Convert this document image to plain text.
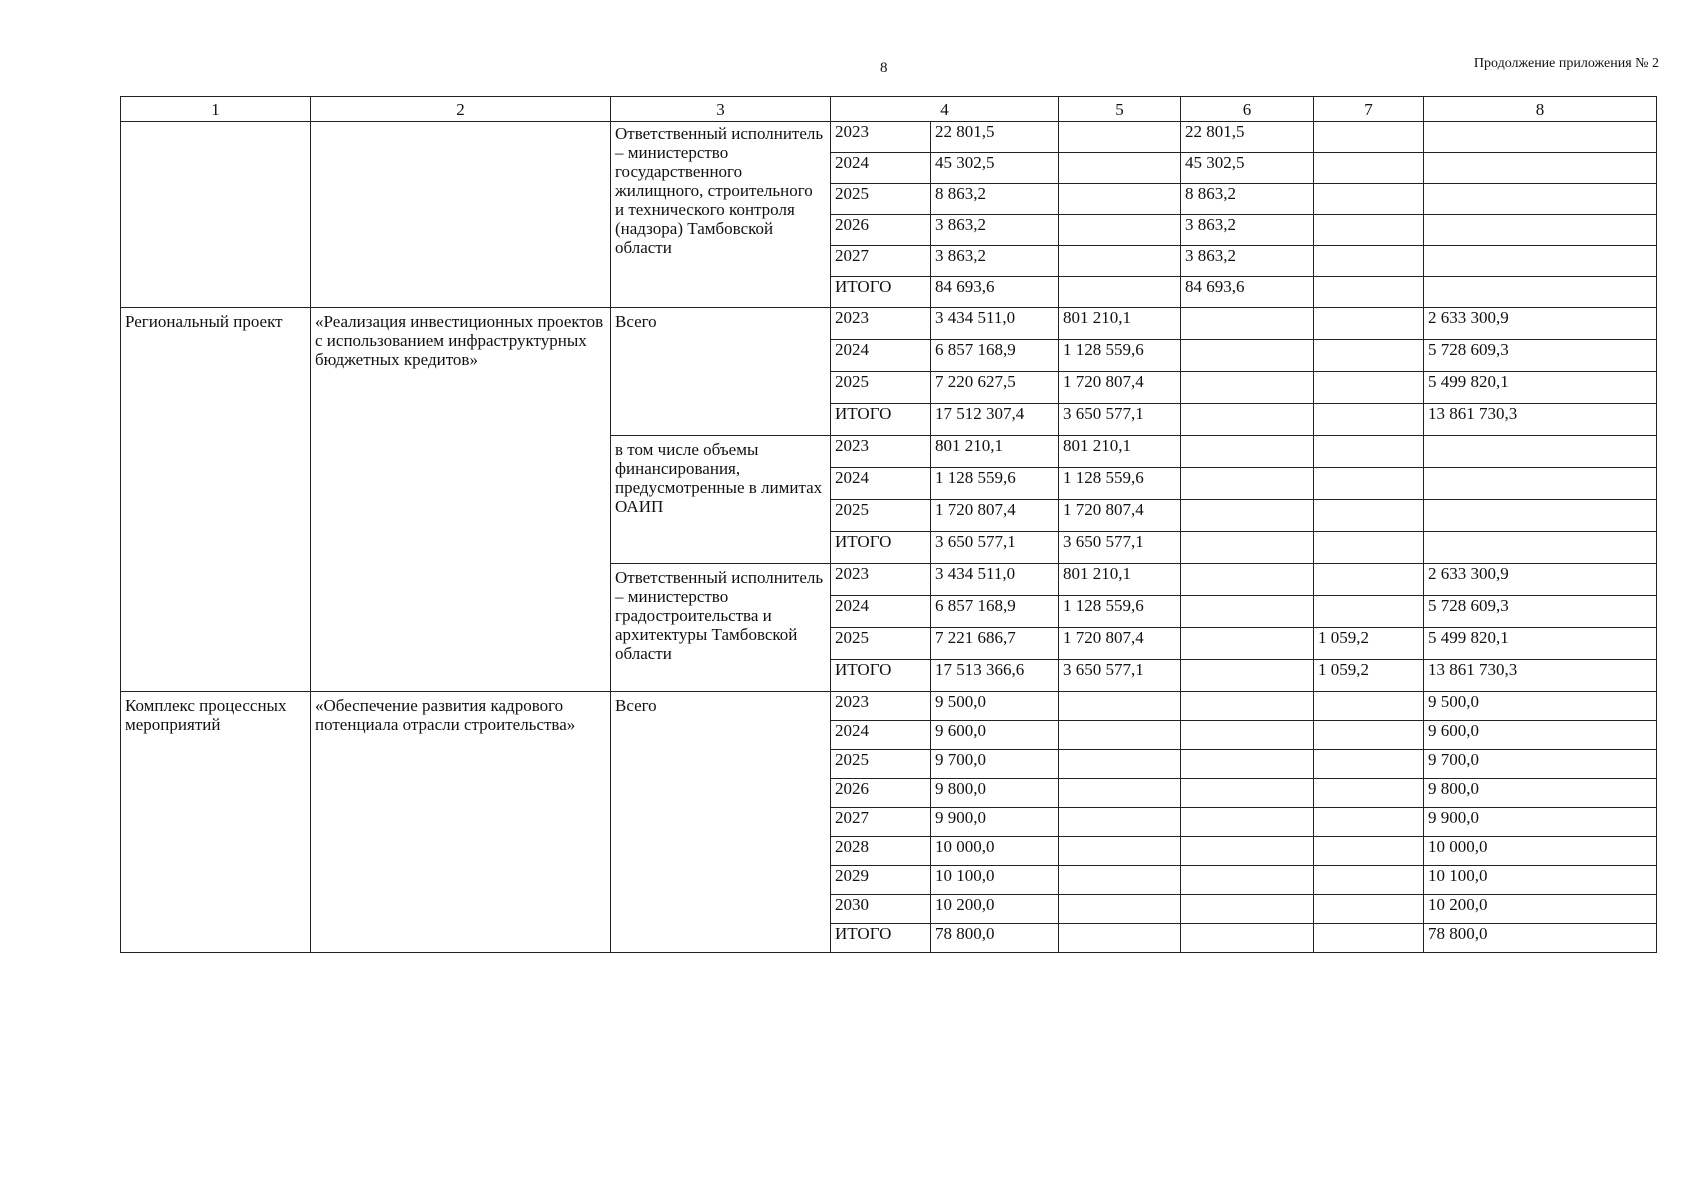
8	Продолжение приложения № 2
1	2	3	4		5	6	7	8
		Ответственный исполнитель – министерство государственного жилищного, строительного и технического контроля (надзора) Тамбовской области	2023	22 801,5		22 801,5		
			2024	45 302,5		45 302,5		
			2025	8 863,2		8 863,2		
			2026	3 863,2		3 863,2		
			2027	3 863,2		3 863,2		
			ИТОГО	84 693,6		84 693,6		
Региональный проект	«Реализация инвестиционных проектов с использованием инфраструктурных бюджетных кредитов»	Всего	2023	3 434 511,0	801 210,1			2 633 300,9
			2024	6 857 168,9	1 128 559,6			5 728 609,3
			2025	7 220 627,5	1 720 807,4			5 499 820,1
			ИТОГО	17 512 307,4	3 650 577,1			13 861 730,3
		в том числе объемы финансирования, предусмотренные в лимитах ОАИП	2023	801 210,1	801 210,1			
			2024	1 128 559,6	1 128 559,6			
			2025	1 720 807,4	1 720 807,4			
			ИТОГО	3 650 577,1	3 650 577,1			
		Ответственный исполнитель – министерство градостроительства и архитектуры Тамбовской области	2023	3 434 511,0	801 210,1			2 633 300,9
			2024	6 857 168,9	1 128 559,6			5 728 609,3
			2025	7 221 686,7	1 720 807,4		1 059,2	5 499 820,1
			ИТОГО	17 513 366,6	3 650 577,1		1 059,2	13 861 730,3
Комплекс процессных мероприятий	«Обеспечение развития кадрового потенциала отрасли строительства»	Всего	2023	9 500,0				9 500,0
			2024	9 600,0				9 600,0
			2025	9 700,0				9 700,0
			2026	9 800,0				9 800,0
			2027	9 900,0				9 900,0
			2028	10 000,0				10 000,0
			2029	10 100,0				10 100,0
			2030	10 200,0				10 200,0
			ИТОГО	78 800,0				78 800,0
